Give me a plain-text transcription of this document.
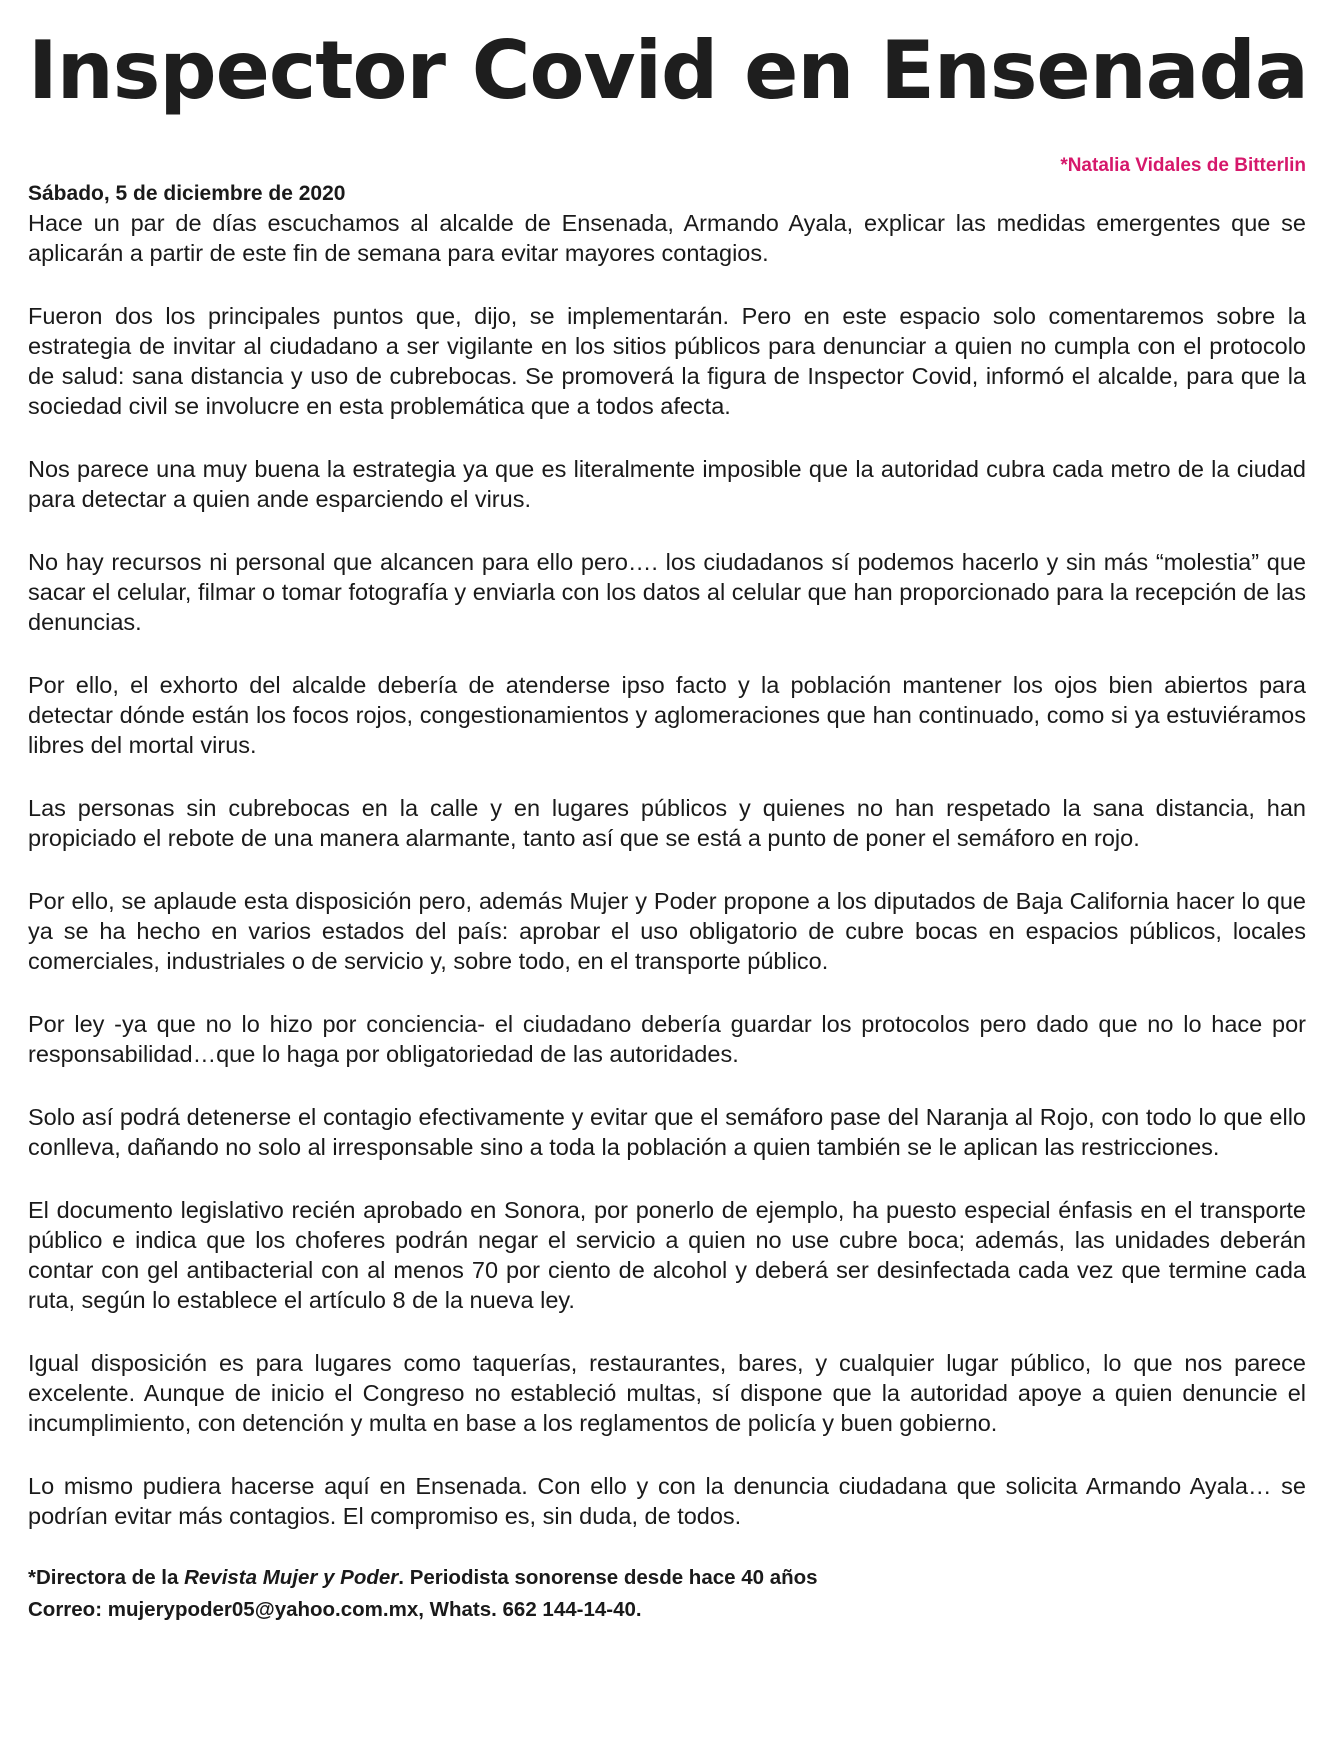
Inspector Covid en Ensenada
*Natalia Vidales de Bitterlin
Sábado, 5 de diciembre de 2020

Hace un par de días escuchamos al alcalde de Ensenada, Armando Ayala, explicar las medidas emergentes que se aplicarán a partir de este fin de semana para evitar mayores contagios.

Fueron dos los principales puntos que, dijo, se implementarán. Pero en este espacio solo comentaremos sobre la estrategia de invitar al ciudadano a ser vigilante en los sitios públicos para denunciar a quien no cumpla con el protocolo de salud: sana distancia y uso de cubrebocas. Se promoverá la figura de Inspector Covid, informó el alcalde, para que la sociedad civil se involucre en esta problemática que a todos afecta.

Nos parece una muy buena la estrategia ya que es literalmente imposible que la autoridad cubra cada metro de la ciudad para detectar a quien ande esparciendo el virus.

No hay recursos ni personal que alcancen para ello pero…. los ciudadanos sí podemos hacerlo y sin más “molestia” que sacar el celular, filmar o tomar fotografía y enviarla con los datos al celular que han proporcionado para la recepción de las denuncias.

Por ello, el exhorto del alcalde debería de atenderse ipso facto y la población mantener los ojos bien abiertos para detectar dónde están los focos rojos, congestionamientos y aglomeraciones que han continuado, como si ya estuviéramos libres del mortal virus.

Las personas sin cubrebocas en la calle y en lugares públicos y quienes no han respetado la sana distancia, han propiciado el rebote de una manera alarmante, tanto así que se está a punto de poner el semáforo en rojo.

Por ello, se aplaude esta disposición pero, además Mujer y Poder propone a los diputados de Baja California hacer lo que ya se ha hecho en varios estados del país: aprobar el uso obligatorio de cubre bocas en espacios públicos, locales comerciales, industriales o de servicio y, sobre todo, en el transporte público.

Por ley -ya que no lo hizo por conciencia- el ciudadano debería guardar los protocolos pero dado que no lo hace por responsabilidad…que lo haga por obligatoriedad de las autoridades.

Solo así podrá detenerse el contagio efectivamente y evitar que el semáforo pase del Naranja al Rojo, con todo lo que ello conlleva, dañando no solo al irresponsable sino a toda la población a quien también se le aplican las restricciones.

El documento legislativo recién aprobado en Sonora, por ponerlo de ejemplo, ha puesto especial énfasis en el transporte público e indica que los choferes podrán negar el servicio a quien no use cubre boca; además, las unidades deberán contar con gel antibacterial con al menos 70 por ciento de alcohol y deberá ser desinfectada cada vez que termine cada ruta, según lo establece el artículo 8 de la nueva ley.

Igual disposición es para lugares como taquerías, restaurantes, bares, y cualquier lugar público, lo que nos parece excelente. Aunque de inicio el Congreso no estableció multas, sí dispone que la autoridad apoye a quien denuncie el incumplimiento, con detención y multa en base a los reglamentos de policía y buen gobierno.

Lo mismo pudiera hacerse aquí en Ensenada. Con ello y con la denuncia ciudadana que solicita Armando Ayala… se podrían evitar más contagios. El compromiso es, sin duda, de todos.

*Directora de la Revista Mujer y Poder. Periodista sonorense desde hace 40 años
Correo: mujerypoder05@yahoo.com.mx, Whats. 662 144-14-40.
